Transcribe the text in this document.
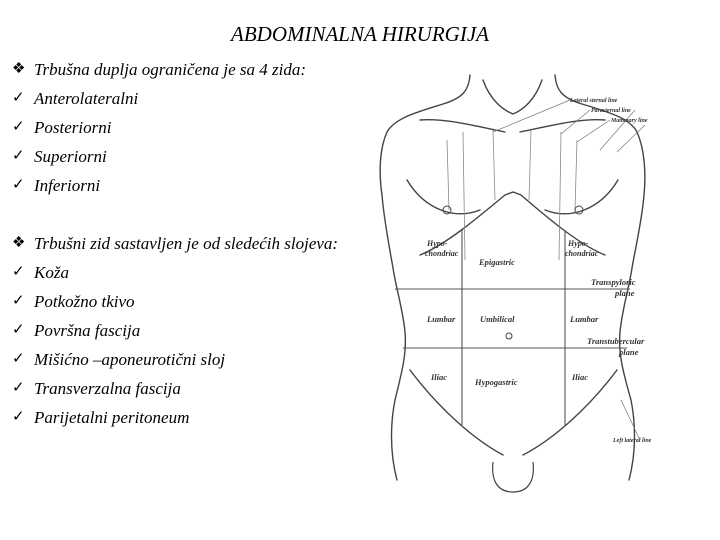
ABDOMINALNA HIRURGIJA
❖ Trbušna duplja ograničena je sa 4 zida:
✓ Anterolateralni
✓ Posteriorni
✓ Superiorni
✓ Inferiorni
❖ Trbušni zid sastavljen je od sledećih slojeva:
✓ Koža
✓ Potkožno tkivo
✓ Površna fascija
✓ Mišićno –aponeurotični sloj
✓ Transverzalna fascija
✓ Parijetalni peritoneum
Lateral sternal line
Parasternal line
Mammary line
Transpyloric
plane
Transtubercular
plane
Left lateral line
Hypo-
chondriac
Hypo-
chondriac
Epigastric
Lumbar	Umbilical	Lumbar
Iliac	Hypogastric	Iliac
